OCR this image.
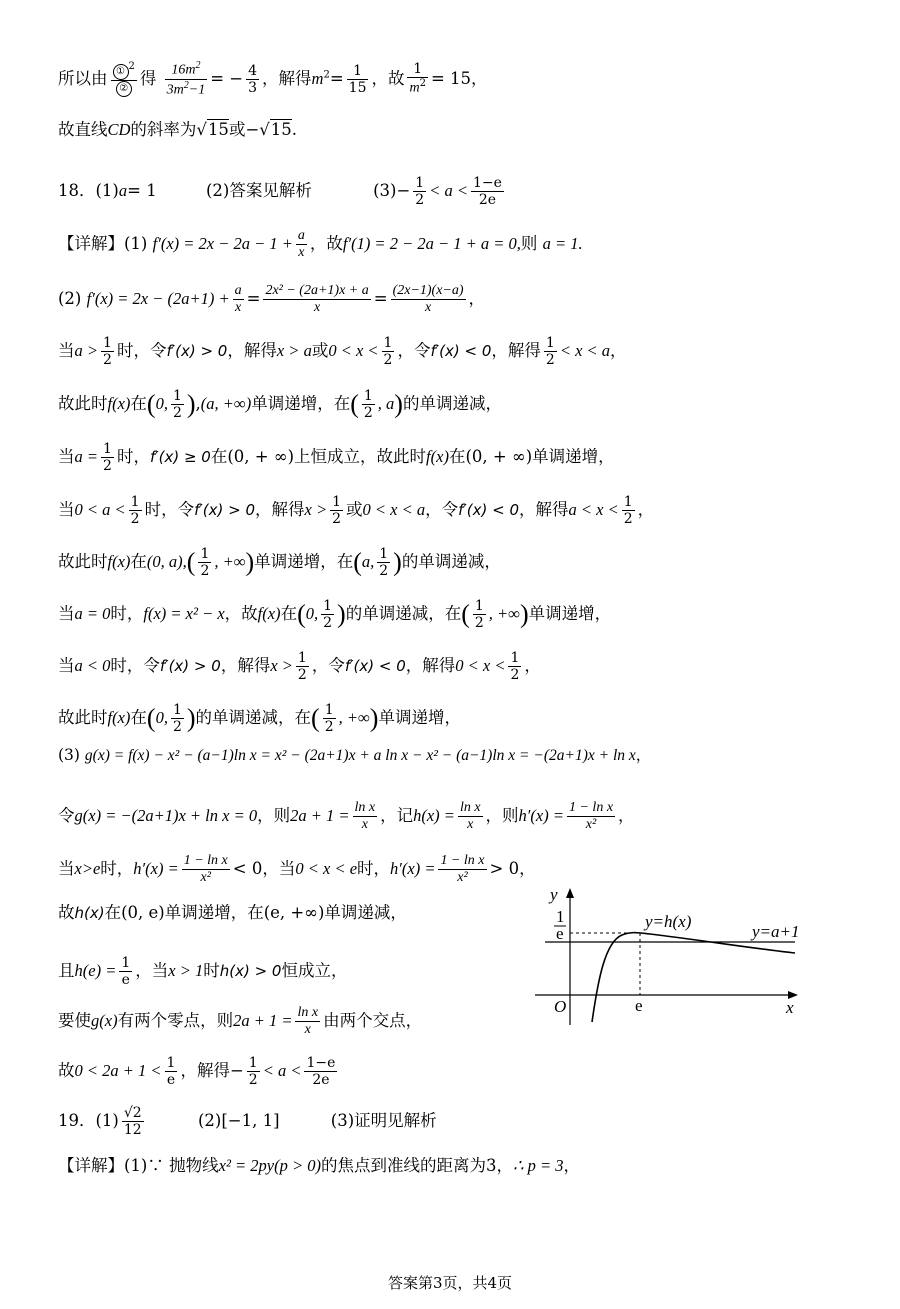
所以由 $\frac{① ^2}{\text{②}}$ 得 $\frac{16m^2}{3m^2-1}$ = − $\frac{4}{3}$ ，解得$m^2= \frac{1}{15}$ ，故 $\frac{1}{m^2} = 15$，
故直线CD的斜率为√15或−√15.
18．(1)a= 1	(2)答案见解析	$(3)- \frac{1}{2} < a < \frac{1-e}{2e}$
【详解】(1) $f'(x) = 2x - 2a - 1 + \frac{a}{x}$ ，故f′(1) = 2 − 2a − 1 + a = 0,则 a = 1.
(2) $f'(x) = 2x - (2a+1) + \frac{a}{x} = \frac{\text{2x² − (2a+1)x + a}}{x} = \frac{(2x-1)(x-a)}{x}$ ，
当$a > \frac{1}{2}$ 时，令f′(x) > 0，解得x > a或$0 < x < \frac{1}{2}$ ，令f′(x) < 0，解得 $\frac{1}{2} < x < a$，
故此时f(x)在(0, $\frac{1}{2} ),(a$, +∞)单调递增，在( $\frac{1}{2}$ , a)的单调递减，
当$a = \frac{1}{2}$ 时，f′(x) ≥ 0在(0, + ∞)上恒成立，故此时f(x)在(0, + ∞)单调递增，
当$0 < a < \frac{1}{2}$ 时，令f′(x) > 0，解得$x > \frac{1}{2}$ 或0 < x < a，令f′(x) < 0，解得$a < x < \frac{1}{2}$ ，
故此时f(x)在(0, $a),( \frac{1}{2}$ , +∞)单调递增，在(a, $\frac{1}{2}$ )的单调递减，
当a = 0时，f(x) = x² − x，故f(x)在(0, $\frac{1}{2}$ )的单调递减，在( $\frac{1}{2}$ , +∞)单调递增，
当a < 0时，令f′(x) > 0，解得$x > \frac{1}{2}$ ，令f′(x) < 0，解得$0 < x < \frac{1}{2}$ ，
故此时f(x)在(0, $\frac{1}{2}$ )的单调递减，在( $\frac{1}{2}$ , +∞)单调递增，
(3) g(x) = f(x) − x² − (a−1)ln x = x² − (2a+1)x + a ln x − x² − (a−1)ln x = −(2a+1)x + ln x，
令g(x) = −(2a+1)x + ln x = 0，则$2a + 1 = \frac{\text{ln x}}{x}$ ，记$h(x) = \frac{\text{ln x}}{x}$ ，则$h'(x) = \frac{\text{1 − ln x}}{\text{x²}}$ ，
当x>e时，$h'(x) = \frac{\text{1 − ln x}}{\text{x²}} < 0$，当0 < x < e时，$h'(x) = \frac{\text{1 − ln x}}{\text{x²}} > 0$，
故h(x)在(0, e)单调递增，在(e, +∞)单调递减，
且$h(e) = \frac{1}{e}$ ，当x > 1时h(x) > 0恒成立，
要使g(x)有两个零点，则$2a + 1 = \frac{\text{ln x}}{x}$ 由两个交点，
故$0 < 2a + 1 < \frac{1}{e}$ ，解得− $\frac{1}{2} < a < \frac{1-e}{2e}$
19．$(1) \frac{√2}{12}$	(2)[−1, 1]	(3)证明见解析
【详解】(1)∵ 抛物线x² = 2py(p > 0)的焦点到准线的距离为3，∴ p = 3，
y
x
O
1
e
e
y=h(x)
y=a+1
答案第3页，共4页
